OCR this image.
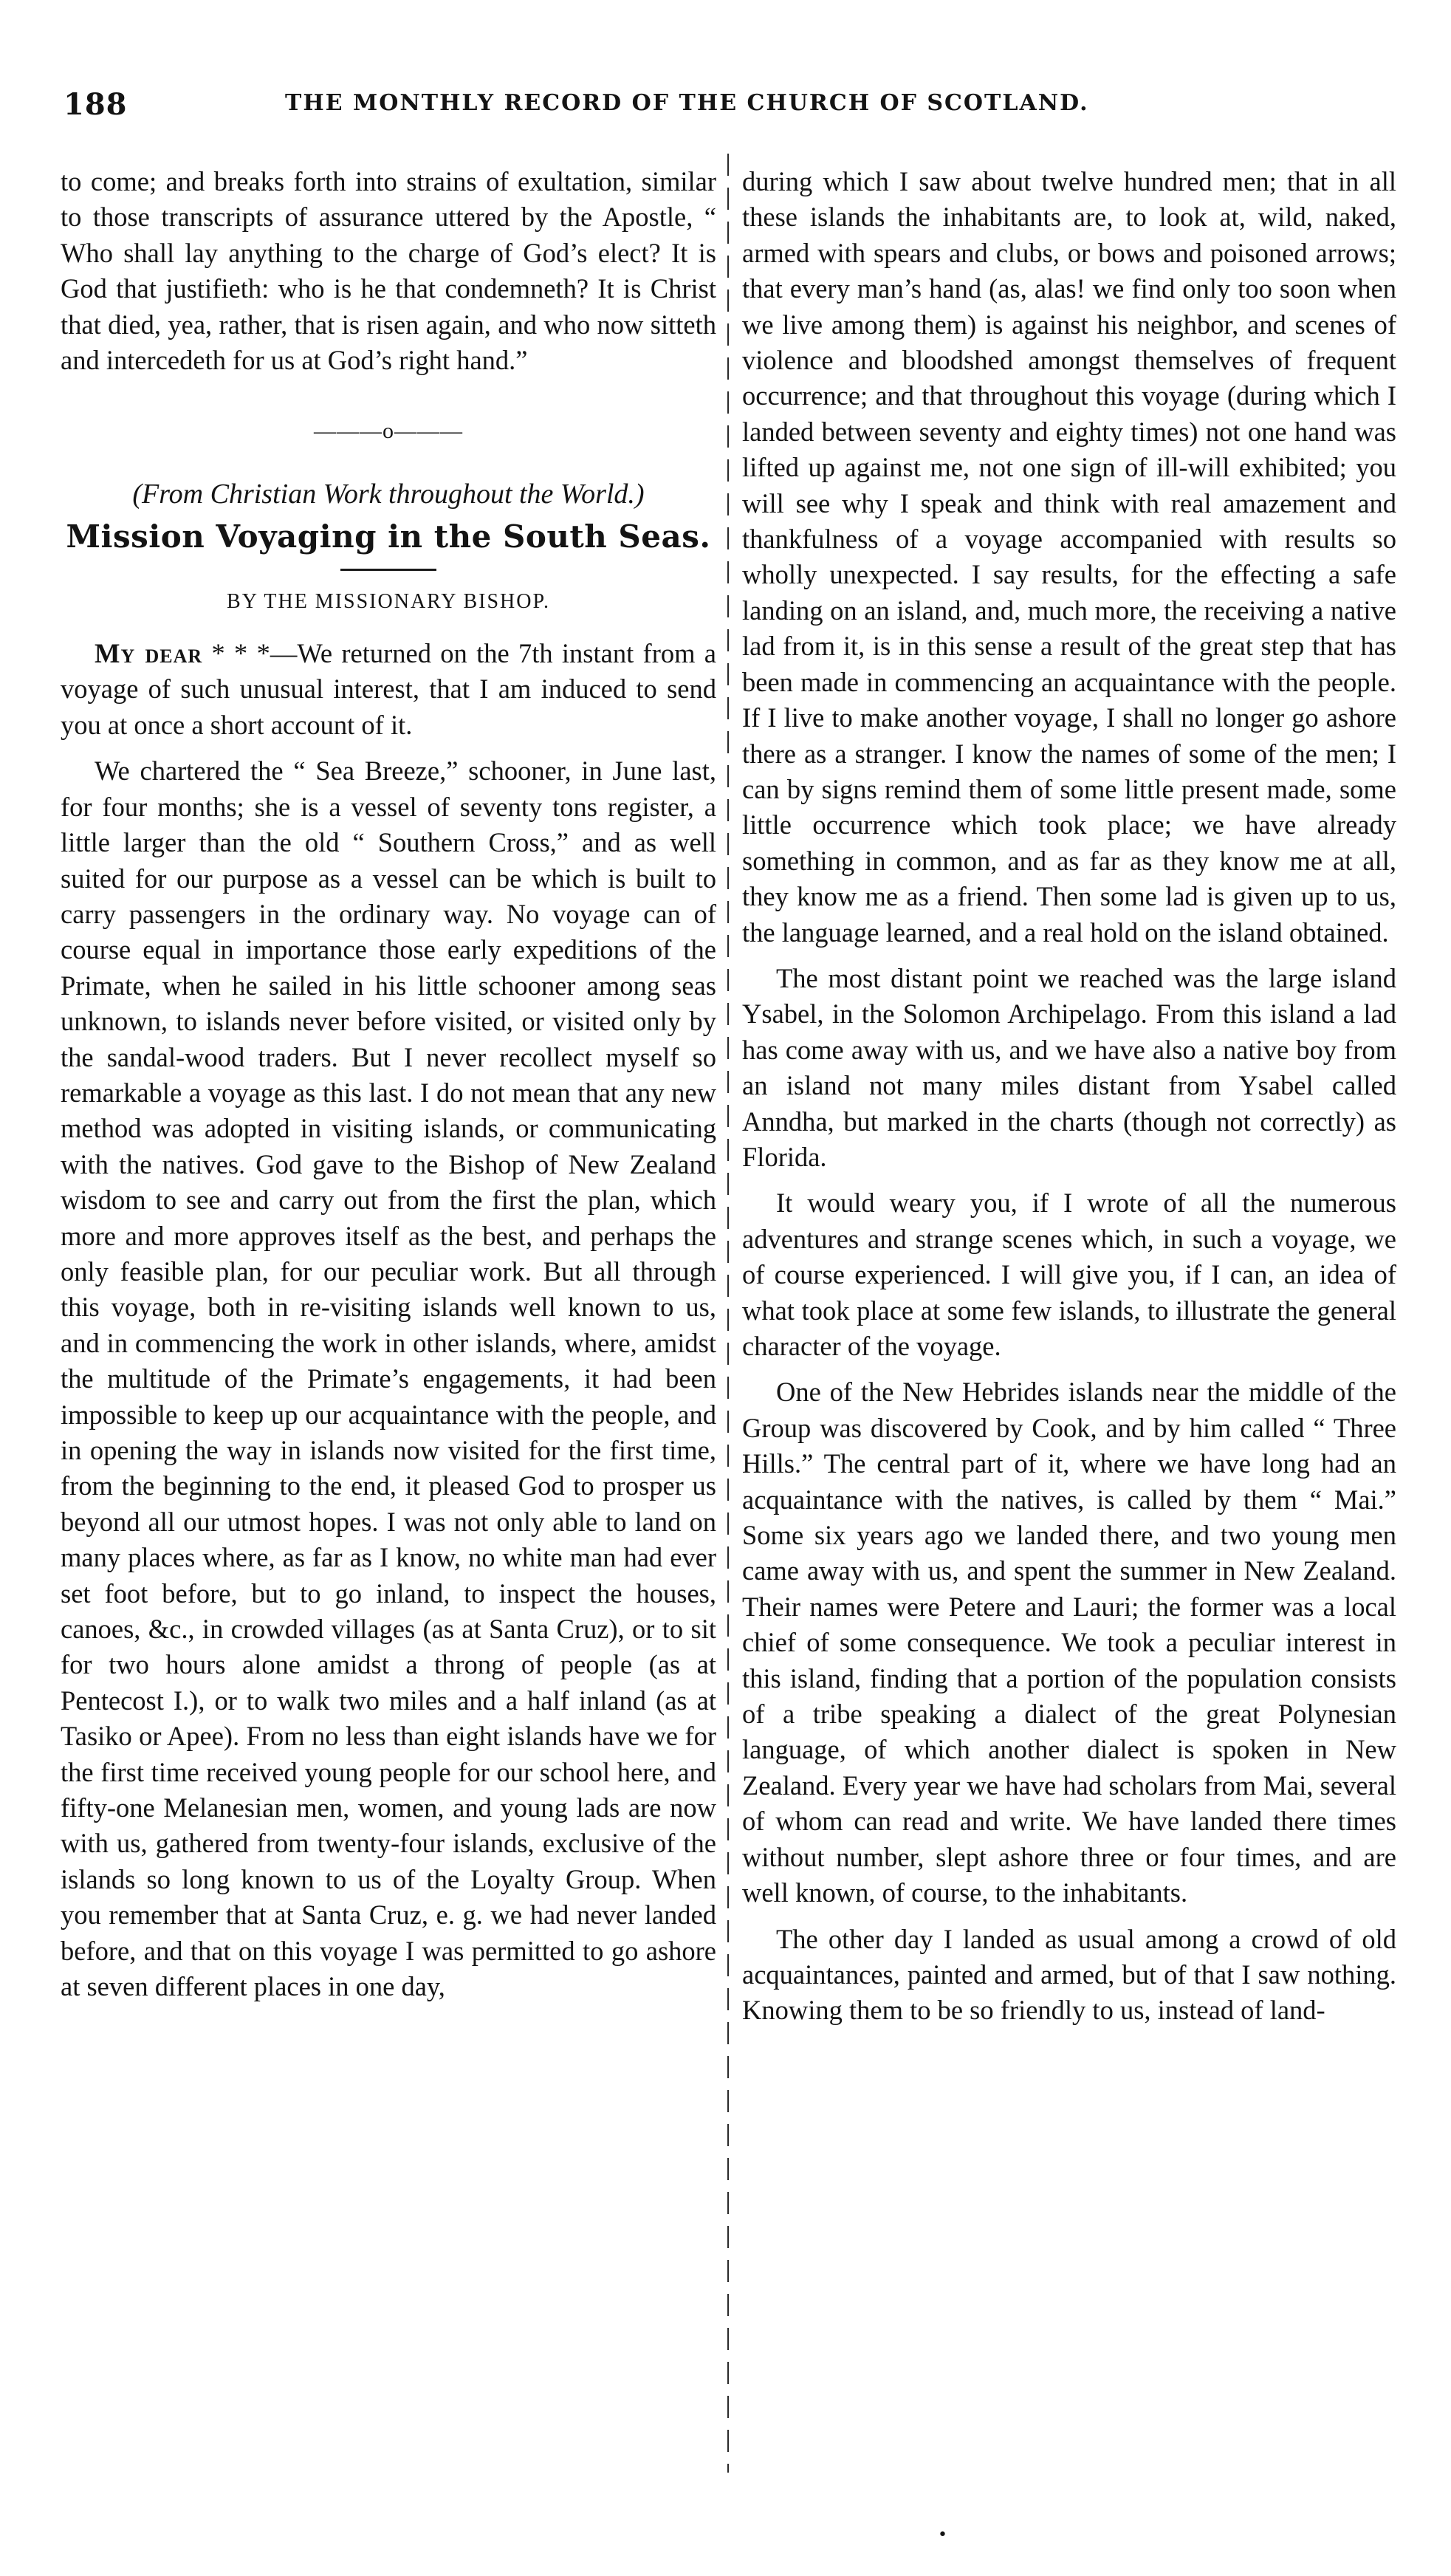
188	THE MONTHLY RECORD OF THE CHURCH OF SCOTLAND.

to come; and breaks forth into strains of exultation, similar to those transcripts of assurance uttered by the Apostle, “ Who shall lay anything to the charge of God’s elect? It is God that justifieth: who is he that condemneth? It is Christ that died, yea, rather, that is risen again, and who now sitteth and intercedeth for us at God’s right hand.”

———o———
(From Christian Work throughout the World.)
Mission Voyaging in the South Seas.
BY THE MISSIONARY BISHOP.

My dear * * *—We returned on the 7th instant from a voyage of such unusual interest, that I am induced to send you at once a short account of it.

We chartered the “ Sea Breeze,” schooner, in June last, for four months; she is a vessel of seventy tons register, a little larger than the old “ Southern Cross,” and as well suited for our purpose as a vessel can be which is built to carry passengers in the ordinary way. No voyage can of course equal in importance those early expeditions of the Primate, when he sailed in his little schooner among seas unknown, to islands never before visited, or visited only by the sandal-wood traders. But I never recollect myself so remarkable a voyage as this last. I do not mean that any new method was adopted in visiting islands, or communicating with the natives. God gave to the Bishop of New Zealand wisdom to see and carry out from the first the plan, which more and more approves itself as the best, and perhaps the only feasible plan, for our peculiar work. But all through this voyage, both in re-visiting islands well known to us, and in commencing the work in other islands, where, amidst the multitude of the Primate’s engagements, it had been impossible to keep up our acquaintance with the people, and in opening the way in islands now visited for the first time, from the beginning to the end, it pleased God to prosper us beyond all our utmost hopes. I was not only able to land on many places where, as far as I know, no white man had ever set foot before, but to go inland, to inspect the houses, canoes, &c., in crowded villages (as at Santa Cruz), or to sit for two hours alone amidst a throng of people (as at Pentecost I.), or to walk two miles and a half inland (as at Tasiko or Apee). From no less than eight islands have we for the first time received young people for our school here, and fifty-one Melanesian men, women, and young lads are now with us, gathered from twenty-four islands, exclusive of the islands so long known to us of the Loyalty Group. When you remember that at Santa Cruz, e. g. we had never landed before, and that on this voyage I was permitted to go ashore at seven different places in one day,

during which I saw about twelve hundred men; that in all these islands the inhabitants are, to look at, wild, naked, armed with spears and clubs, or bows and poisoned arrows; that every man’s hand (as, alas! we find only too soon when we live among them) is against his neighbor, and scenes of violence and bloodshed amongst themselves of frequent occurrence; and that throughout this voyage (during which I landed between seventy and eighty times) not one hand was lifted up against me, not one sign of ill-will exhibited; you will see why I speak and think with real amazement and thankfulness of a voyage accompanied with results so wholly unexpected. I say results, for the effecting a safe landing on an island, and, much more, the receiving a native lad from it, is in this sense a result of the great step that has been made in commencing an acquaintance with the people. If I live to make another voyage, I shall no longer go ashore there as a stranger. I know the names of some of the men; I can by signs remind them of some little present made, some little occurrence which took place; we have already something in common, and as far as they know me at all, they know me as a friend. Then some lad is given up to us, the language learned, and a real hold on the island obtained.

The most distant point we reached was the large island Ysabel, in the Solomon Archipelago. From this island a lad has come away with us, and we have also a native boy from an island not many miles distant from Ysabel called Anndha, but marked in the charts (though not correctly) as Florida.

It would weary you, if I wrote of all the numerous adventures and strange scenes which, in such a voyage, we of course experienced. I will give you, if I can, an idea of what took place at some few islands, to illustrate the general character of the voyage.

One of the New Hebrides islands near the middle of the Group was discovered by Cook, and by him called “ Three Hills.” The central part of it, where we have long had an acquaintance with the natives, is called by them “ Mai.” Some six years ago we landed there, and two young men came away with us, and spent the summer in New Zealand. Their names were Petere and Lauri; the former was a local chief of some consequence. We took a peculiar interest in this island, finding that a portion of the population consists of a tribe speaking a dialect of the great Polynesian language, of which another dialect is spoken in New Zealand. Every year we have had scholars from Mai, several of whom can read and write. We have landed there times without number, slept ashore three or four times, and are well known, of course, to the inhabitants.

The other day I landed as usual among a crowd of old acquaintances, painted and armed, but of that I saw nothing. Knowing them to be so friendly to us, instead of land-

•
